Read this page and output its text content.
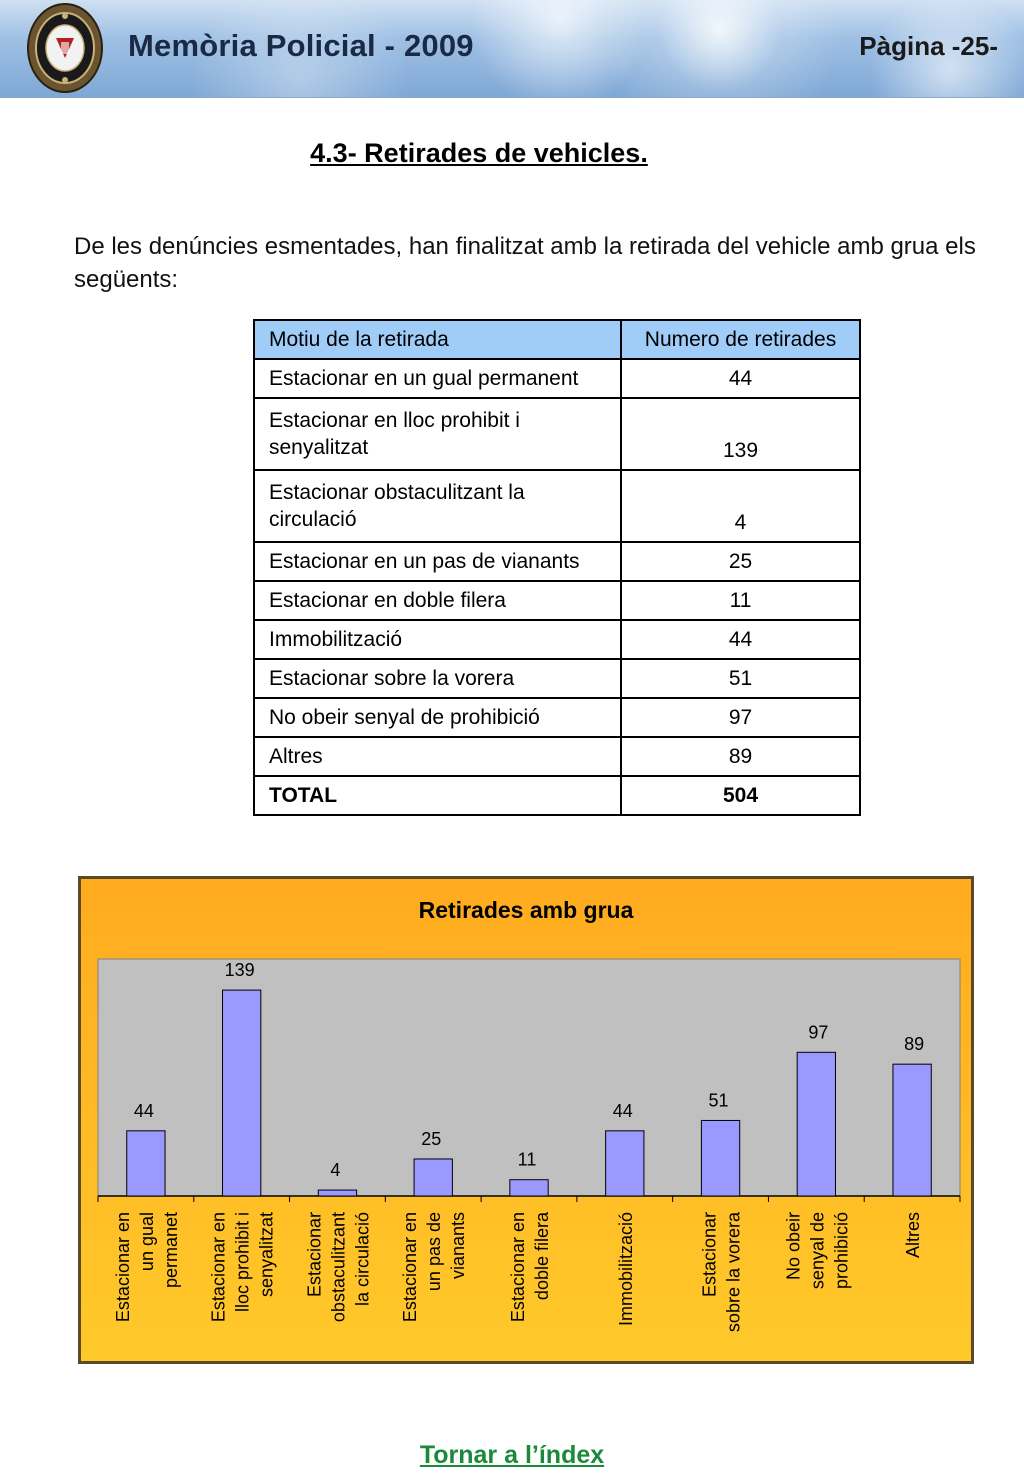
Memòria Policial - 2009	Pàgina -25-
4.3- Retirades de vehicles.
De les denúncies esmentades, han finalitzat amb la retirada del vehicle amb grua els següents:
Motiu de la retirada	Numero de retirades
Estacionar en un gual permanent	44
Estacionar en lloc prohibit i senyalitzat	139
Estacionar obstaculitzant la circulació	4
Estacionar en un pas de vianants	25
Estacionar en doble filera	11
Immobilització	44
Estacionar sobre la vorera	51
No obeir senyal de prohibició	97
Altres	89
TOTAL	504
44
Estacionar en un gual permanet
139
Estacionar en lloc prohibit i senyalitzat
4
Estacionar obstaculitzant la circulació
25
Estacionar en un pas de vianants
11
Estacionar en doble filera
44
Immobilització
51
Estacionar sobre la vorera
97
No obeir senyal de prohibició
89
Altres
Retirades amb grua
Tornar a l’índex
